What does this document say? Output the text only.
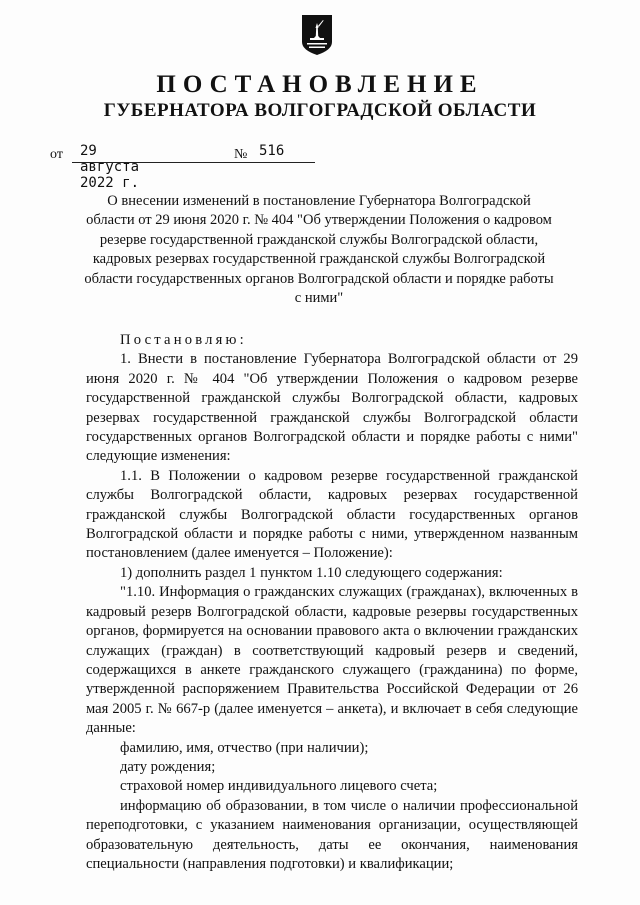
ПОСТАНОВЛЕНИЕ
ГУБЕРНАТОРА ВОЛГОГРАДСКОЙ ОБЛАСТИ
от 29 августа 2022 г.
№ 516
О внесении изменений в постановление Губернатора Волгоградской области от 29 июня 2020 г. № 404 "Об утверждении Положения о кадровом резерве государственной гражданской службы Волгоградской области, кадровых резервах государственной гражданской службы Волгоградской области государственных органов Волгоградской области и порядке работы с ними"

Постановляю:

1. Внести в постановление Губернатора Волгоградской области от 29 июня 2020 г. № 404 "Об утверждении Положения о кадровом резерве государственной гражданской службы Волгоградской области, кадровых резервах государственной гражданской службы Волгоградской области государственных органов Волгоградской области и порядке работы с ними" следующие изменения:

1.1. В Положении о кадровом резерве государственной гражданской службы Волгоградской области, кадровых резервах государственной гражданской службы Волгоградской области государственных органов Волгоградской области и порядке работы с ними, утвержденном названным постановлением (далее именуется – Положение):

1) дополнить раздел 1 пунктом 1.10 следующего содержания:

"1.10. Информация о гражданских служащих (гражданах), включенных в кадровый резерв Волгоградской области, кадровые резервы государственных органов, формируется на основании правового акта о включении гражданских служащих (граждан) в соответствующий кадровый резерв и сведений, содержащихся в анкете гражданского служащего (гражданина) по форме, утвержденной распоряжением Правительства Российской Федерации от 26 мая 2005 г. № 667-р (далее именуется – анкета), и включает в себя следующие данные:

фамилию, имя, отчество (при наличии);

дату рождения;

страховой номер индивидуального лицевого счета;

информацию об образовании, в том числе о наличии профессиональной переподготовки, с указанием наименования организации, осуществляющей образовательную деятельность, даты ее окончания, наименования специальности (направления подготовки) и квалификации;
